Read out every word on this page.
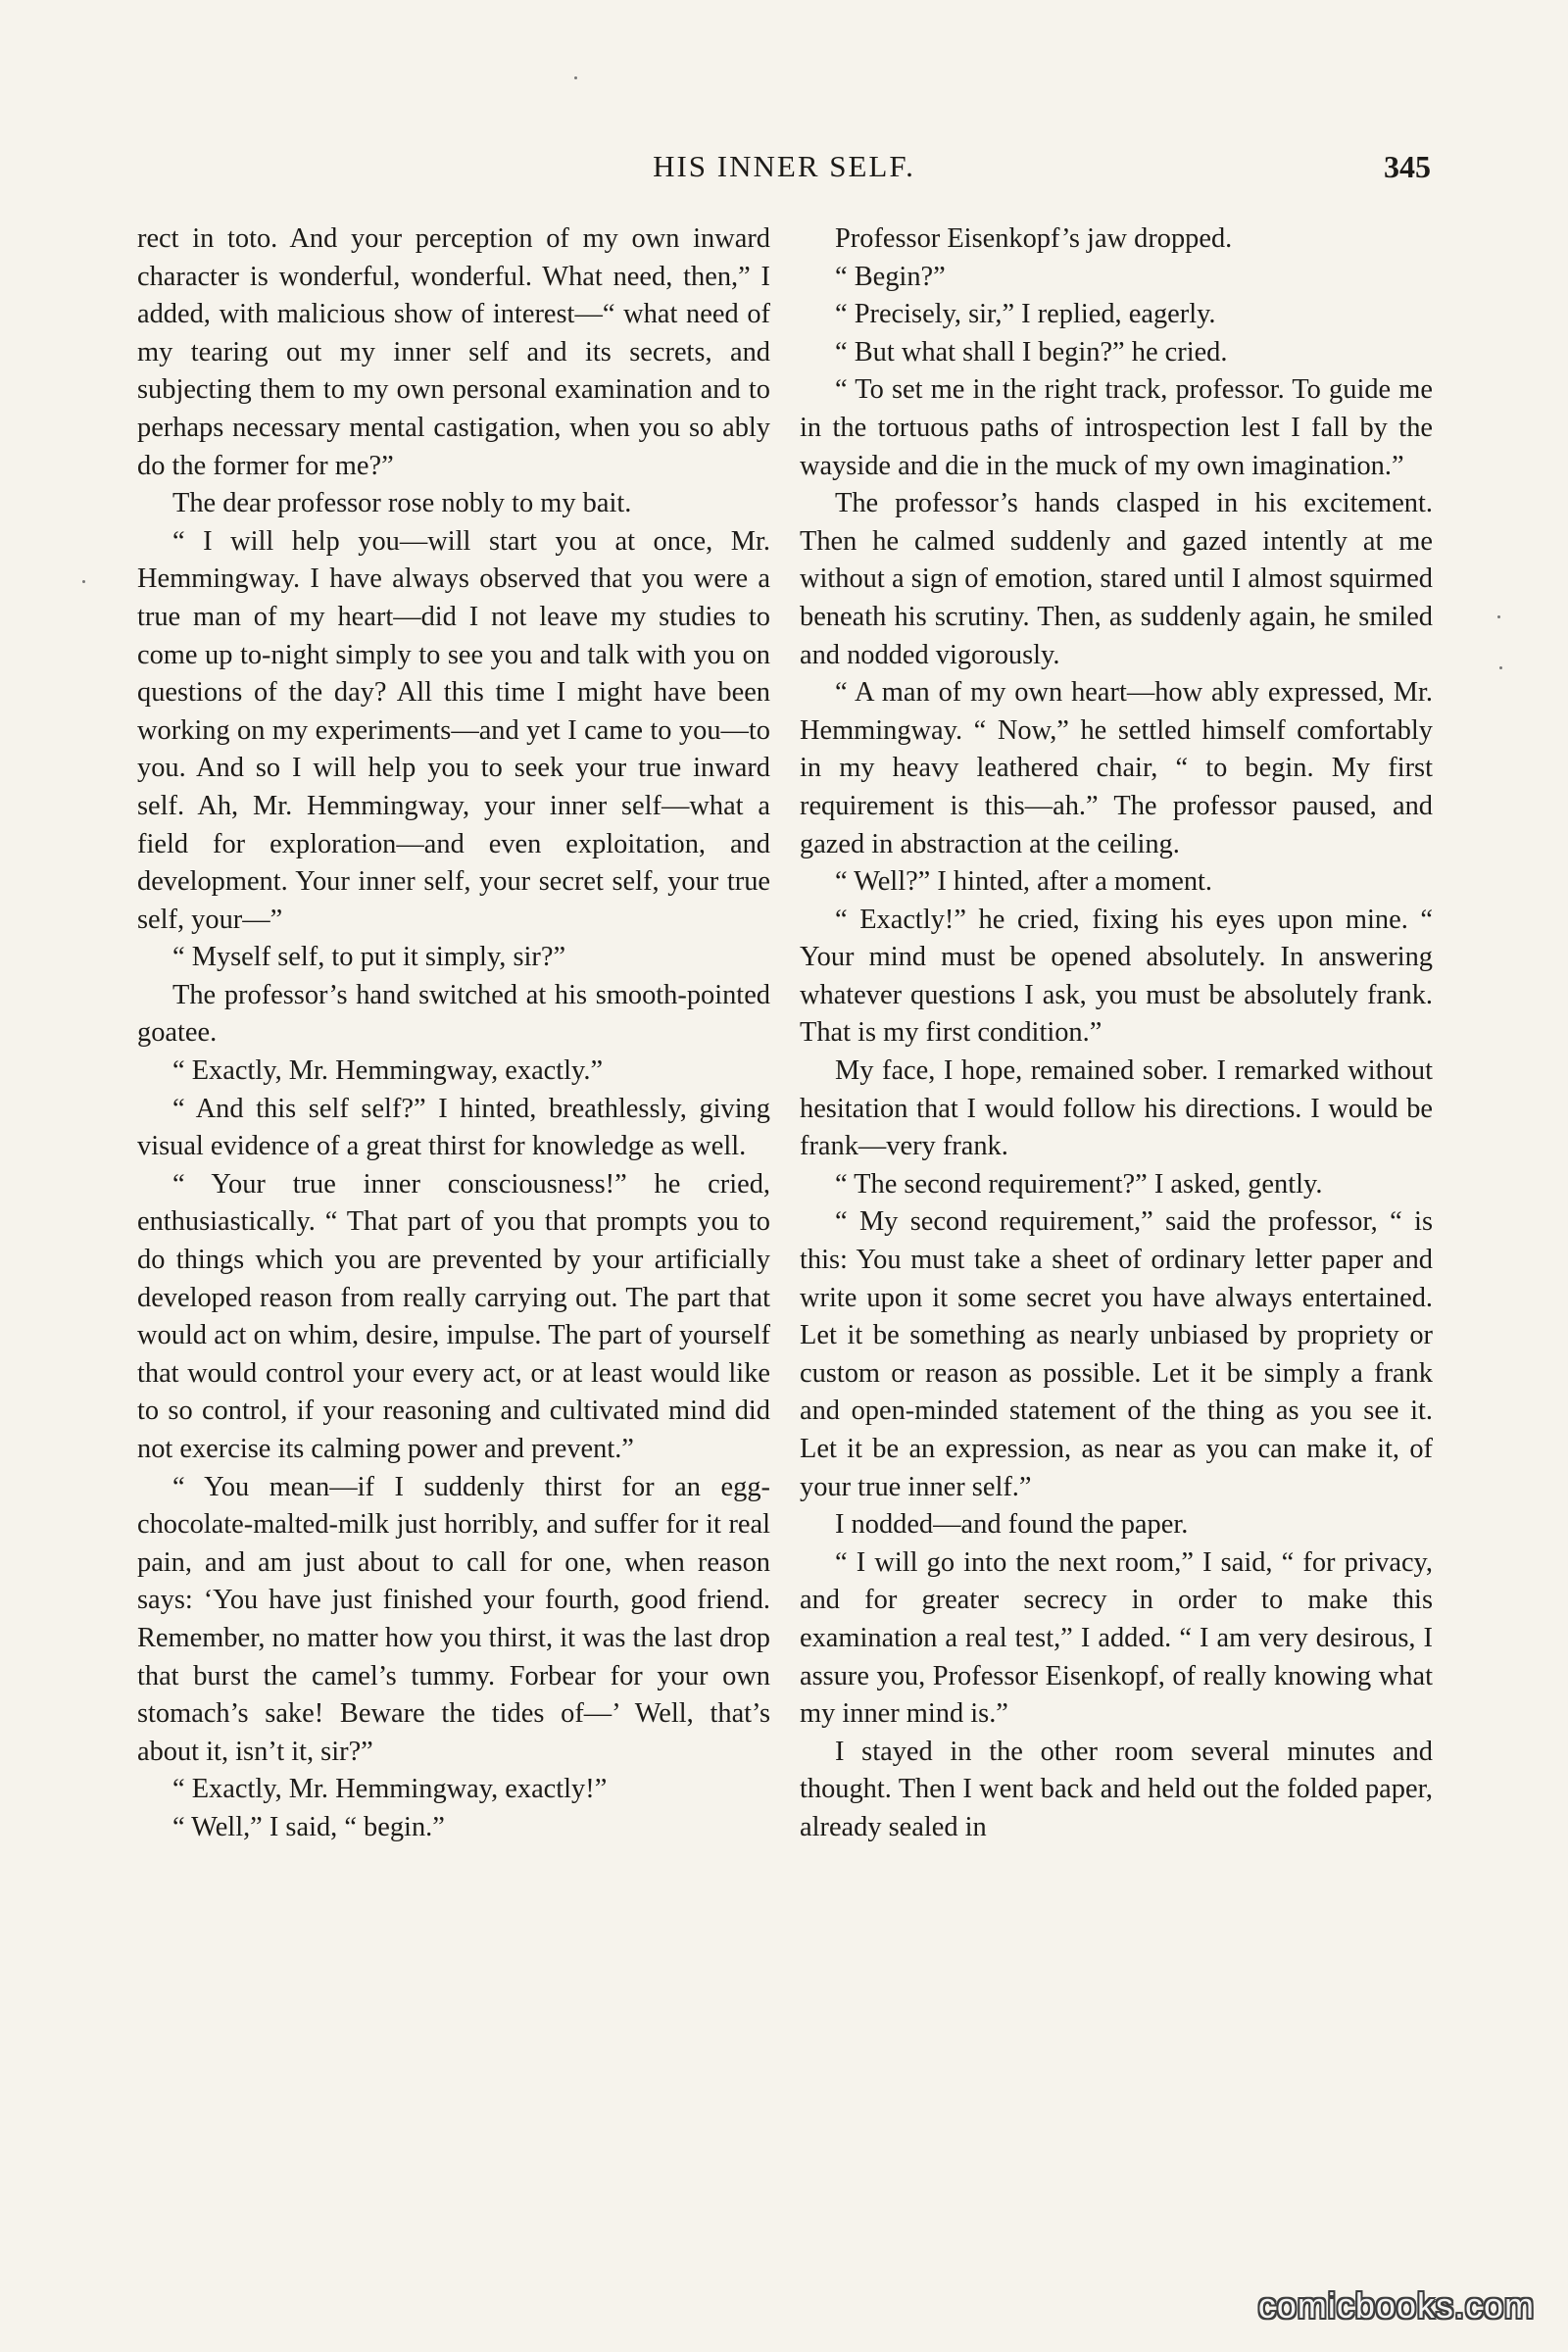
HIS INNER SELF.	345

rect in toto. And your perception of my own inward character is wonderful, wonderful. What need, then,” I added, with malicious show of interest—“ what need of my tearing out my inner self and its secrets, and subjecting them to my own personal examination and to perhaps necessary mental castigation, when you so ably do the former for me?”

The dear professor rose nobly to my bait.

“ I will help you—will start you at once, Mr. Hemmingway. I have always observed that you were a true man of my heart—did I not leave my studies to come up to-night simply to see you and talk with you on questions of the day? All this time I might have been working on my experiments—and yet I came to you—to you. And so I will help you to seek your true inward self. Ah, Mr. Hemmingway, your inner self—what a field for exploration—and even exploitation, and development. Your inner self, your secret self, your true self, your—”

“ Myself self, to put it simply, sir?”

The professor’s hand switched at his smooth-pointed goatee.

“ Exactly, Mr. Hemmingway, exactly.”

“ And this self self?” I hinted, breathlessly, giving visual evidence of a great thirst for knowledge as well.

“ Your true inner consciousness!” he cried, enthusiastically. “ That part of you that prompts you to do things which you are prevented by your artificially developed reason from really carrying out. The part that would act on whim, desire, impulse. The part of yourself that would control your every act, or at least would like to so control, if your reasoning and cultivated mind did not exercise its calming power and prevent.”

“ You mean—if I suddenly thirst for an egg-chocolate-malted-milk just horribly, and suffer for it real pain, and am just about to call for one, when reason says: ‘You have just finished your fourth, good friend. Remember, no matter how you thirst, it was the last drop that burst the camel’s tummy. Forbear for your own stomach’s sake! Beware the tides of—’ Well, that’s about it, isn’t it, sir?”

“ Exactly, Mr. Hemmingway, exactly!”

“ Well,” I said, “ begin.”

Professor Eisenkopf’s jaw dropped.

“ Begin?”

“ Precisely, sir,” I replied, eagerly.

“ But what shall I begin?” he cried.

“ To set me in the right track, professor. To guide me in the tortuous paths of introspection lest I fall by the wayside and die in the muck of my own imagination.”

The professor’s hands clasped in his excitement. Then he calmed suddenly and gazed intently at me without a sign of emotion, stared until I almost squirmed beneath his scrutiny. Then, as suddenly again, he smiled and nodded vigorously.

“ A man of my own heart—how ably expressed, Mr. Hemmingway. “ Now,” he settled himself comfortably in my heavy leathered chair, “ to begin. My first requirement is this—ah.” The professor paused, and gazed in abstraction at the ceiling.

“ Well?” I hinted, after a moment.

“ Exactly!” he cried, fixing his eyes upon mine. “ Your mind must be opened absolutely. In answering whatever questions I ask, you must be absolutely frank. That is my first condition.”

My face, I hope, remained sober. I remarked without hesitation that I would follow his directions. I would be frank—very frank.

“ The second requirement?” I asked, gently.

“ My second requirement,” said the professor, “ is this: You must take a sheet of ordinary letter paper and write upon it some secret you have always entertained. Let it be something as nearly unbiased by propriety or custom or reason as possible. Let it be simply a frank and open-minded statement of the thing as you see it. Let it be an expression, as near as you can make it, of your true inner self.”

I nodded—and found the paper.

“ I will go into the next room,” I said, “ for privacy, and for greater secrecy in order to make this examination a real test,” I added. “ I am very desirous, I assure you, Professor Eisenkopf, of really knowing what my inner mind is.”

I stayed in the other room several minutes and thought. Then I went back and held out the folded paper, already sealed in

comicbooks.com
